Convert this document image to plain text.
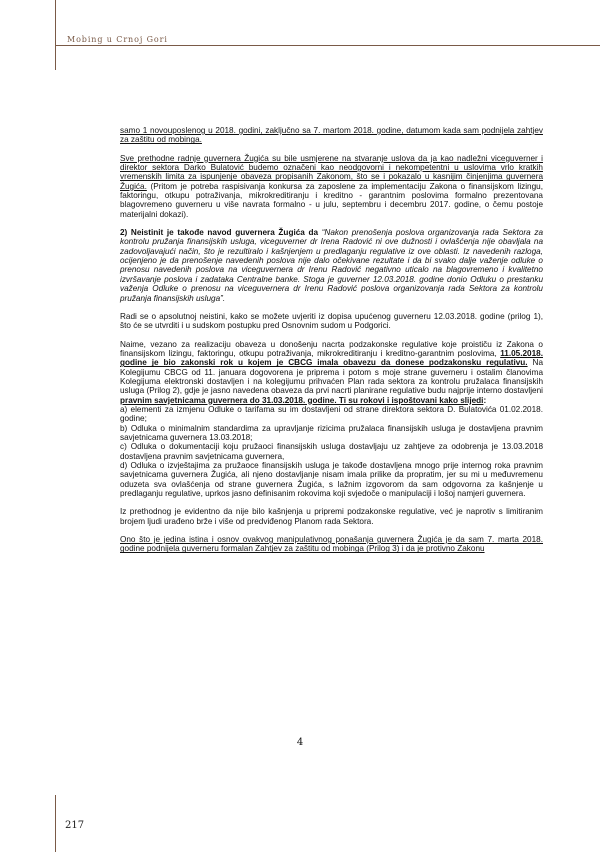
Mobing u Crnoj Gori

samo 1 novouposlenog u 2018. godini, zaključno sa 7. martom 2018. godine, datumom kada sam podnijela zahtjev za zaštitu od mobinga.

Sve prethodne radnje guvernera Žugića su bile usmjerene na stvaranje uslova da ja kao nadležni viceguverner i direktor sektora Darko Bulatović budemo označeni kao neodgovorni i nekompetentni u uslovima vrlo kratkih vremenskih limita za ispunjenje obaveza propisanih Zakonom, što se i pokazalo u kasnijim činjenjima guvernera Žugića. (Pritom je potreba raspisivanja konkursa za zaposlene za implementaciju Zakona o finansijskom lizingu, faktoringu, otkupu potraživanja, mikrokreditiranju i kreditno - garantnim poslovima formalno prezentovana blagovremeno guverneru u više navrata formalno - u julu, septembru i decembru 2017. godine, o čemu postoje materijalni dokazi).

2) Neistinit je takođe navod guvernera Žugića da “Nakon prenošenja poslova organizovanja rada Sektora za kontrolu pružanja finansijskih usluga, viceguverner dr Irena Radović ni ove dužnosti i ovlašćenja nije obavljala na zadovoljavajući način, što je rezultiralo i kašnjenjem u predlaganju regulative iz ove oblasti. Iz navedenih razloga, ocijenjeno je da prenošenje navedenih poslova nije dalo očekivane rezultate i da bi svako dalje važenje odluke o prenosu navedenih poslova na viceguvernera dr Irenu Radović negativno uticalo na blagovremeno i kvalitetno izvršavanje poslova i zadataka Centralne banke. Stoga je guverner 12.03.2018. godine donio Odluku o prestanku važenja Odluke o prenosu na viceguvernera dr Irenu Radović poslova organizovanja rada Sektora za kontrolu pružanja finansijskih usluga”.

Radi se o apsolutnoj neistini, kako se možete uvjeriti iz dopisa upućenog guverneru 12.03.2018. godine (prilog 1), što će se utvrditi i u sudskom postupku pred Osnovnim sudom u Podgorici.

Naime, vezano za realizaciju obaveza u donošenju nacrta podzakonske regulative koje proističu iz Zakona o finansijskom lizingu, faktoringu, otkupu potraživanja, mikrokreditiranju i kreditno-garantnim poslovima, 11.05.2018. godine je bio zakonski rok u kojem je CBCG imala obavezu da donese podzakonsku regulativu. Na Kolegijumu CBCG od 11. januara dogovorena je priprema i potom s moje strane guverneru i ostalim članovima Kolegijuma elektronski dostavljen i na kolegijumu prihvaćen Plan rada sektora za kontrolu pružalaca finansijskih usluga (Prilog 2), gdje je jasno navedena obaveza da prvi nacrti planirane regulative budu najprije interno dostavljeni pravnim savjetnicama guvernera do 31.03.2018. godine. Ti su rokovi i ispoštovani kako slijedi:

a) elementi za izmjenu Odluke o tarifama su im dostavljeni od strane direktora sektora D. Bulatovića 01.02.2018. godine;

b) Odluka o minimalnim standardima za upravljanje rizicima pružalaca finansijskih usluga je dostavljena pravnim savjetnicama guvernera 13.03.2018;

c) Odluka o dokumentaciji koju pružaoci finansijskih usluga dostavljaju uz zahtjeve za odobrenja je 13.03.2018 dostavljena pravnim savjetnicama guvernera,

d) Odluka o izvještajima za pružaoce finansijskih usluga je takođe dostavljena mnogo prije internog roka pravnim savjetnicama guvernera Žugića, ali njeno dostavljanje nisam imala prilike da propratim, jer su mi u međuvremenu oduzeta sva ovlašćenja od strane guvernera Žugića, s lažnim izgovorom da sam odgovorna za kašnjenje u predlaganju regulative, uprkos jasno definisanim rokovima koji svjedoče o manipulaciji i lošoj namjeri guvernera.

Iz prethodnog je evidentno da nije bilo kašnjenja u pripremi podzakonske regulative, već je naprotiv s limitiranim brojem ljudi urađeno brže i više od predviđenog Planom rada Sektora.

Ono što je jedina istina i osnov ovakvog manipulativnog ponašanja guvernera Žugića je da sam 7. marta 2018. godine podnijela guverneru formalan Zahtjev za zaštitu od mobinga (Prilog 3) i da je protivno Zakonu

4
217
